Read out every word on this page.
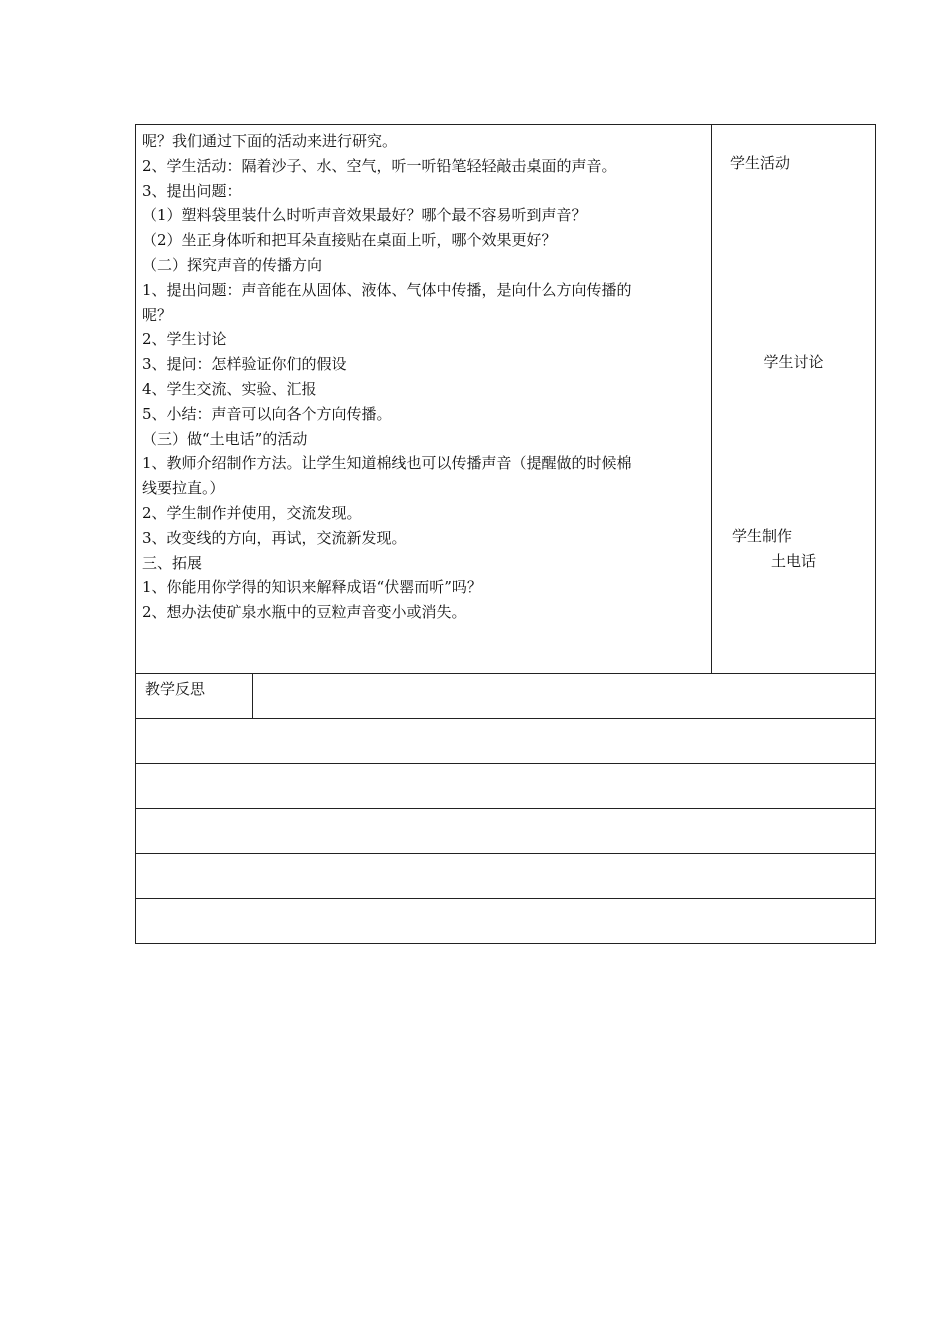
呢？我们通过下面的活动来进行研究。
2、学生活动：隔着沙子、水、空气，听一听铅笔轻轻敲击桌面的声音。
3、提出问题：
（1）塑料袋里装什么时听声音效果最好？哪个最不容易听到声音？
（2）坐正身体听和把耳朵直接贴在桌面上听，哪个效果更好？
（二）探究声音的传播方向
1、提出问题：声音能在从固体、液体、气体中传播，是向什么方向传播的
呢？
2、学生讨论
3、提问：怎样验证你们的假设
4、学生交流、实验、汇报
5、小结：声音可以向各个方向传播。
（三）做“土电话”的活动
1、教师介绍制作方法。让学生知道棉线也可以传播声音（提醒做的时候棉
线要拉直。）
2、学生制作并使用，交流发现。
3、改变线的方向，再试，交流新发现。
三、拓展
1、你能用你学得的知识来解释成语“伏罂而听”吗？
2、想办法使矿泉水瓶中的豆粒声音变小或消失。
学生活动
学生讨论
学生制作
土电话
教学反思
